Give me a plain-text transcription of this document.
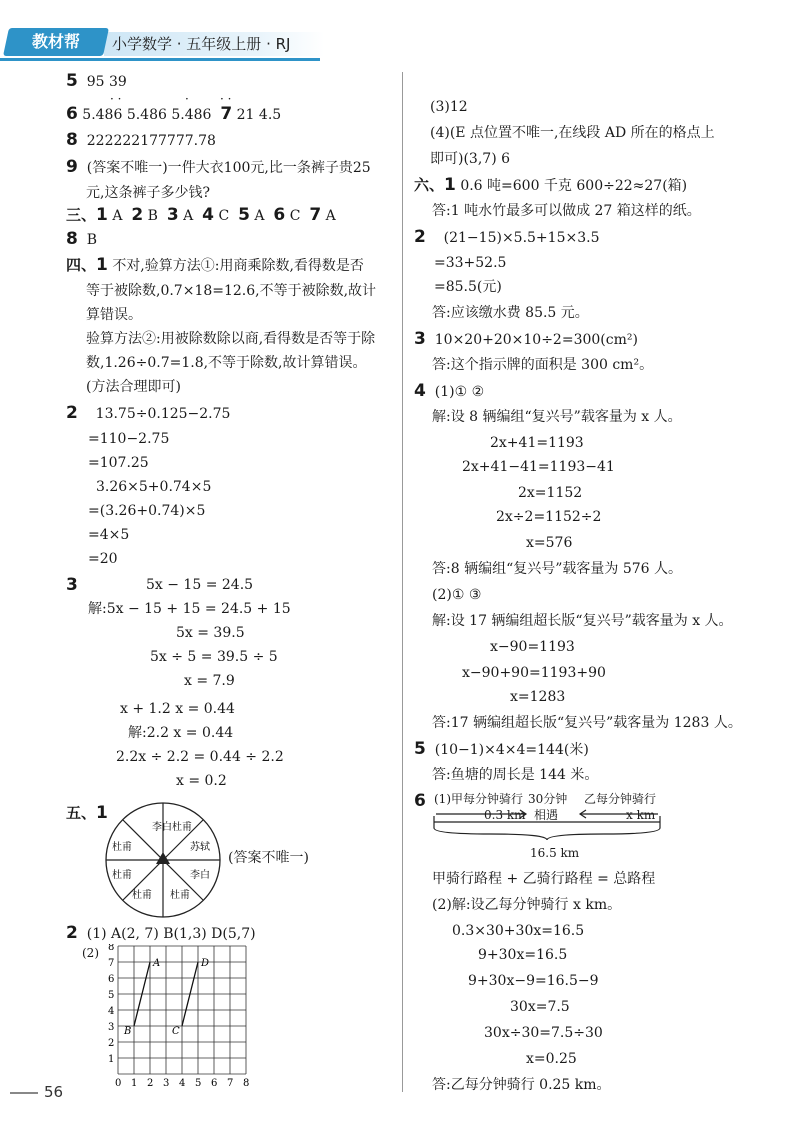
教材帮	小学数学 · 五年级上册 · RJ
5 95 39
· ·	·	· ·
6 5.486 5.486 5.486 7 21 4.5
8 222222177777.78
9 (答案不唯一)一件大衣100元,比一条裤子贵25
元,这条裤子多少钱?
三、1 A 2 B 3 A 4 C 5 A 6 C 7 A
8 B
四、1 不对,验算方法①:用商乘除数,看得数是否
等于被除数,0.7×18=12.6,不等于被除数,故计
算错误。
验算方法②:用被除数除以商,看得数是否等于除
数,1.26÷0.7=1.8,不等于除数,故计算错误。
(方法合理即可)
2 13.75÷0.125−2.75
=110−2.75
=107.25
3.26×5+0.74×5
=(3.26+0.74)×5
=4×5
=20
3	5x − 15 = 24.5
解:5x − 15 + 15 = 24.5 + 15
5x = 39.5
5x ÷ 5 = 39.5 ÷ 5
x = 7.9
x + 1.2 x = 0.44
解:2.2 x = 0.44
2.2x ÷ 2.2 = 0.44 ÷ 2.2
x = 0.2
五、1
李白 杜甫
苏轼
李白
杜甫
杜甫
杜甫
杜甫
(答案不唯一)
2 (1) A(2, 7) B(1,3) D(5,7)
(2)
0 1
1
2
2
3
3
4
4
5
5
6
6
7
7
8
8
A
B	C
D
(3)12
(4)(E 点位置不唯一,在线段 AD 所在的格点上
即可)(3,7) 6
六、1 0.6 吨=600 千克 600÷22≈27(箱)
答:1 吨水竹最多可以做成 27 箱这样的纸。
2 (21−15)×5.5+15×3.5
=33+52.5
=85.5(元)
答:应该缴水费 85.5 元。
3 10×20+20×10÷2=300(cm²)
答:这个指示牌的面积是 300 cm²。
4 (1)① ②
解:设 8 辆编组“复兴号”载客量为 x 人。
2x+41=1193
2x+41−41=1193−41
2x=1152
2x÷2=1152÷2
x=576
答:8 辆编组“复兴号”载客量为 576 人。
(2)① ③
解:设 17 辆编组超长版“复兴号”载客量为 x 人。
x−90=1193
x−90+90=1193+90
x=1283
答:17 辆编组超长版“复兴号”载客量为 1283 人。
5 (10−1)×4×4=144(米)
答:鱼塘的周长是 144 米。
6 (1)甲每分钟骑行
0.3 km
30分钟
相遇
乙每分钟骑行
x km
16.5 km
甲骑行路程 + 乙骑行路程 = 总路程
(2)解:设乙每分钟骑行 x km。
0.3×30+30x=16.5
9+30x=16.5
9+30x−9=16.5−9
30x=7.5
30x÷30=7.5÷30
x=0.25
答:乙每分钟骑行 0.25 km。
56
